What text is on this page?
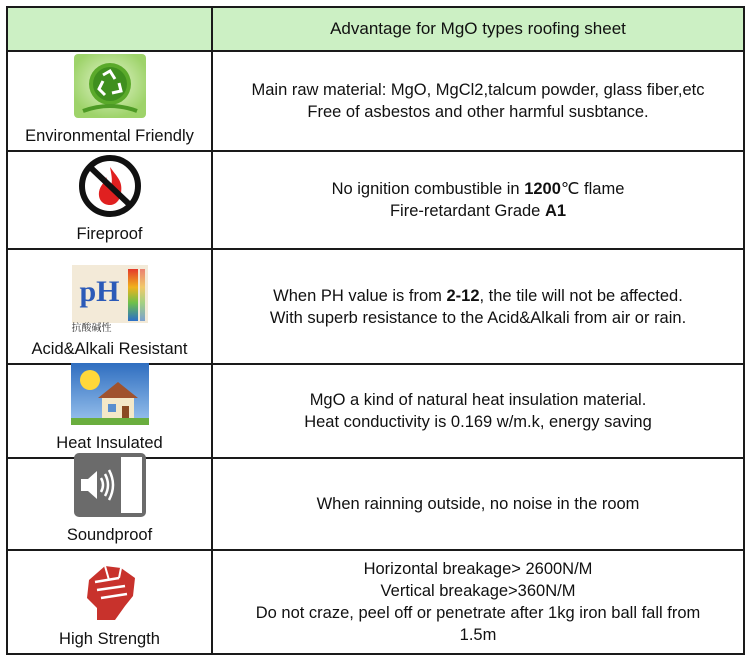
Advantage for MgO types roofing sheet
Environmental Friendly
Main raw material: MgO, MgCl2,talcum powder, glass fiber,etc
Free of asbestos and other harmful susbtance.
Fireproof
No ignition combustible in 1200℃ flame
Fire-retardant Grade A1
pH
抗酸碱性
Acid&Alkali Resistant
When PH value is from 2-12, the tile will not be affected.
With superb resistance to the Acid&Alkali from air or rain.
Heat Insulated
MgO a kind of natural heat insulation material.
Heat conductivity is 0.169 w/m.k, energy saving
Soundproof
When rainning outside, no noise in the room
High Strength
Horizontal breakage> 2600N/M
Vertical breakage>360N/M
Do not craze, peel off or penetrate after 1kg iron ball fall from
1.5m
